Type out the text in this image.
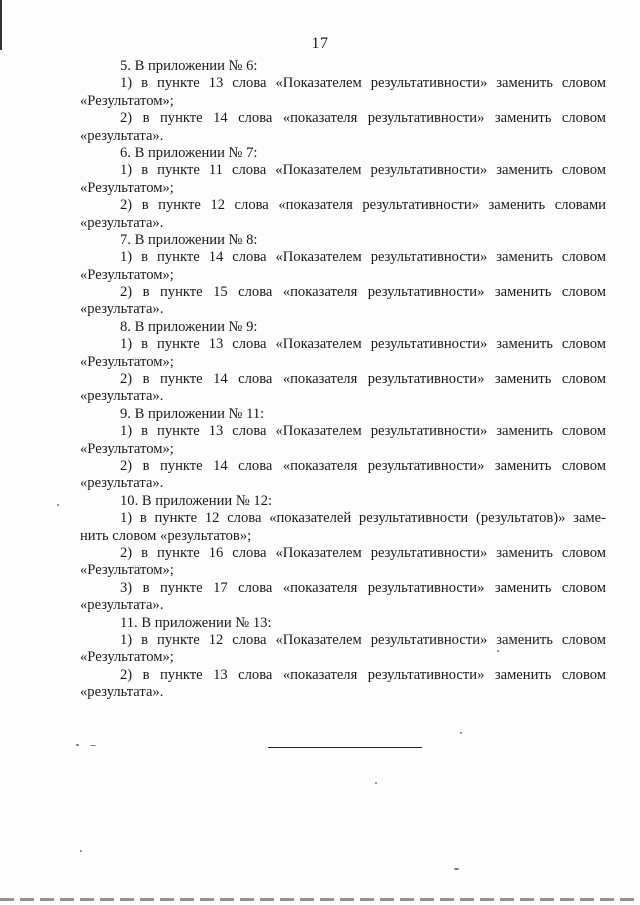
17
5. В приложении № 6:
1) в пункте 13 слова «Показателем результативности» заменить словом
«Результатом»;
2) в пункте 14 слова «показателя результативности» заменить словом
«результата».
6. В приложении № 7:
1) в пункте 11 слова «Показателем результативности» заменить словом
«Результатом»;
2) в пункте 12 слова «показателя результативности» заменить словами
«результата».
7. В приложении № 8:
1) в пункте 14 слова «Показателем результативности» заменить словом
«Результатом»;
2) в пункте 15 слова «показателя результативности» заменить словом
«результата».
8. В приложении № 9:
1) в пункте 13 слова «Показателем результативности» заменить словом
«Результатом»;
2) в пункте 14 слова «показателя результативности» заменить словом
«результата».
9. В приложении № 11:
1) в пункте 13 слова «Показателем результативности» заменить словом
«Результатом»;
2) в пункте 14 слова «показателя результативности» заменить словом
«результата».
10. В приложении № 12:
1) в пункте 12 слова «показателей результативности (результатов)» заме-
нить словом «результатов»;
2) в пункте 16 слова «Показателем результативности» заменить словом
«Результатом»;
3) в пункте 17 слова «показателя результативности» заменить словом
«результата».
11. В приложении № 13:
1) в пункте 12 слова «Показателем результативности» заменить словом
«Результатом»;
2) в пункте 13 слова «показателя результативности» заменить словом
«результата».
